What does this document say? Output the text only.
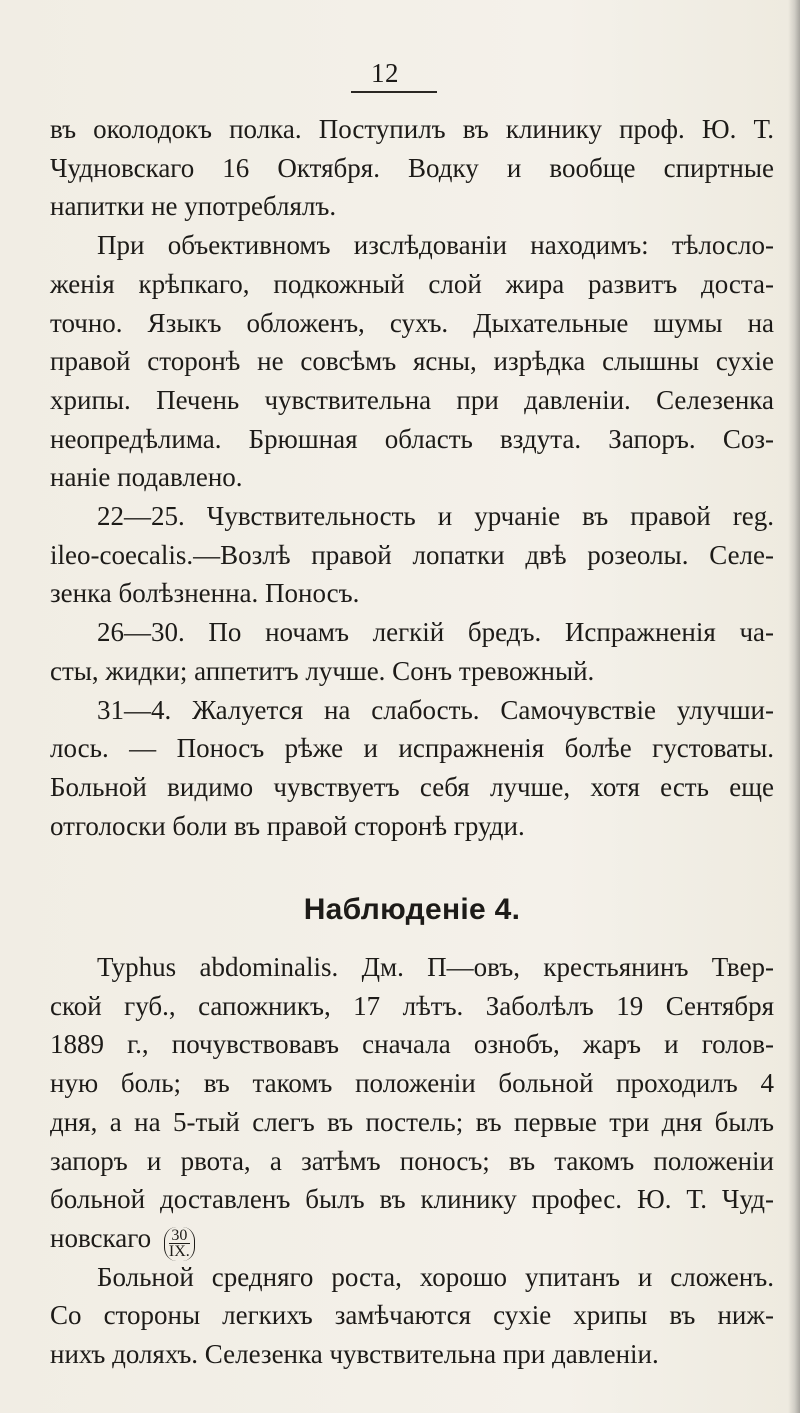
12
въ околодокъ полка. Поступилъ въ клинику проф. Ю. Т.
Чудновскаго 16 Октября. Водку и вообще спиртные
напитки не употреблялъ.
При объективномъ изслѣдованіи находимъ: тѣлосло-
женія крѣпкаго, подкожный слой жира развитъ доста-
точно. Языкъ обложенъ, сухъ. Дыхательные шумы на
правой сторонѣ не совсѣмъ ясны, изрѣдка слышны сухіе
хрипы. Печень чувствительна при давленіи. Селезенка
неопредѣлима. Брюшная область вздута. Запоръ. Соз-
наніе подавлено.
22—25. Чувствительность и урчаніе въ правой reg.
ileo-coecalis.—Возлѣ правой лопатки двѣ розеолы. Селе-
зенка болѣзненна. Поносъ.
26—30. По ночамъ легкій бредъ. Испражненія ча-
сты, жидки; аппетитъ лучше. Сонъ тревожный.
31—4. Жалуется на слабость. Самочувствіе улучши-
лось. — Поносъ рѣже и испражненія болѣе густоваты.
Больной видимо чувствуетъ себя лучше, хотя есть еще
отголоски боли въ правой сторонѣ груди.
Наблюденіе 4.
Typhus abdominalis. Дм. П—овъ, крестьянинъ Твер-
ской губ., сапожникъ, 17 лѣтъ. Заболѣлъ 19 Сентября
1889 г., почувствовавъ сначала ознобъ, жаръ и голов-
ную боль; въ такомъ положеніи больной проходилъ 4
дня, а на 5-тый слегъ въ постель; въ первые три дня былъ
запоръ и рвота, а затѣмъ поносъ; въ такомъ положеніи
больной доставленъ былъ въ клинику профес. Ю. Т. Чуд-
новскаго $\frac{30}{IX.}$
Больной средняго роста, хорошо упитанъ и сложенъ.
Со стороны легкихъ замѣчаются сухіе хрипы въ ниж-
нихъ доляхъ. Селезенка чувствительна при давленіи.
